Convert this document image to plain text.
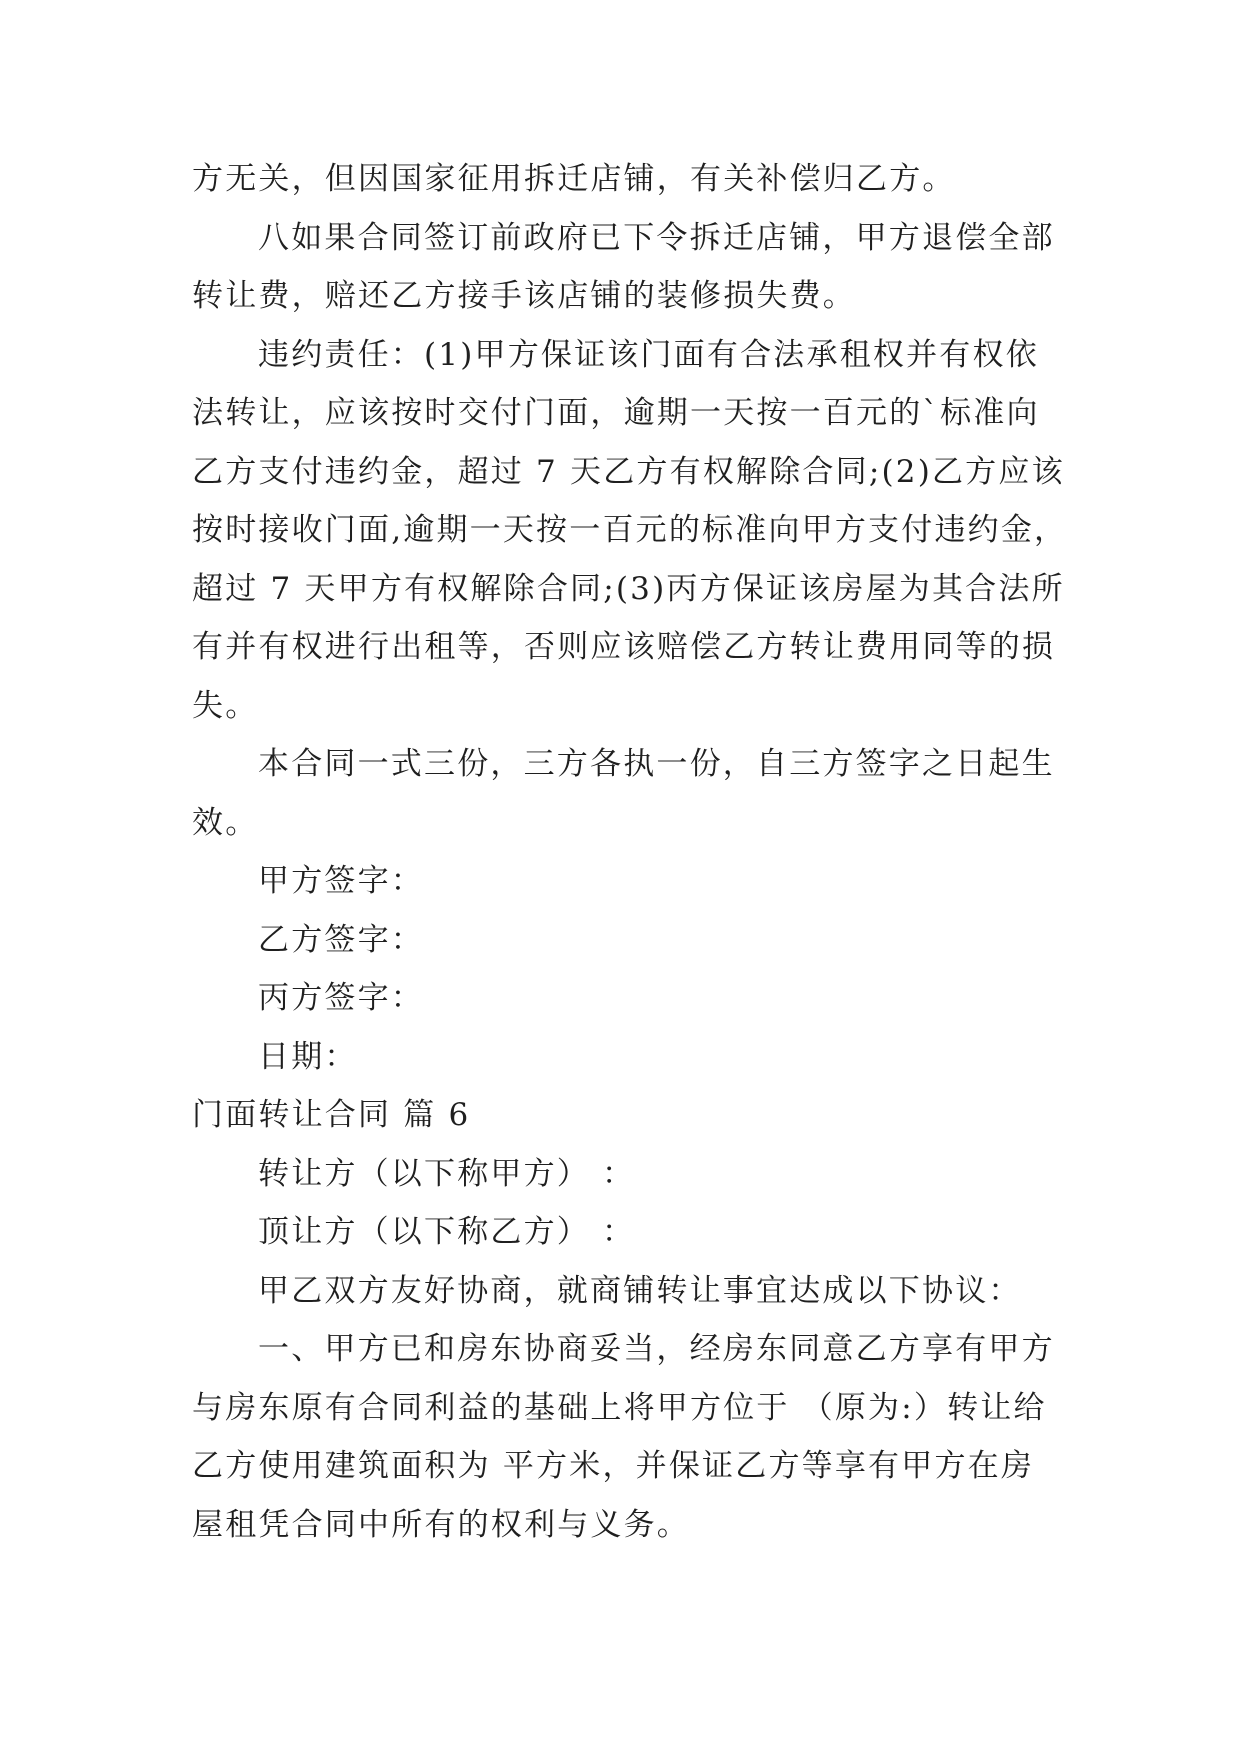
方无关，但因国家征用拆迁店铺，有关补偿归乙方。

八如果合同签订前政府已下令拆迁店铺，甲方退偿全部

转让费，赔还乙方接手该店铺的装修损失费。

违约责任：(1)甲方保证该门面有合法承租权并有权依

法转让，应该按时交付门面，逾期一天按一百元的`标准向

乙方支付违约金，超过 7 天乙方有权解除合同;(2)乙方应该

按时接收门面,逾期一天按一百元的标准向甲方支付违约金，

超过 7 天甲方有权解除合同;(3)丙方保证该房屋为其合法所

有并有权进行出租等，否则应该赔偿乙方转让费用同等的损

失。

本合同一式三份，三方各执一份，自三方签字之日起生

效。

甲方签字：

乙方签字：

丙方签字：

日期：

门面转让合同 篇 6

转让方（以下称甲方） ：

顶让方（以下称乙方） ：

甲乙双方友好协商，就商铺转让事宜达成以下协议：

一、甲方已和房东协商妥当，经房东同意乙方享有甲方

与房东原有合同利益的基础上将甲方位于 （原为:）转让给

乙方使用建筑面积为 平方米，并保证乙方等享有甲方在房

屋租凭合同中所有的权利与义务。
